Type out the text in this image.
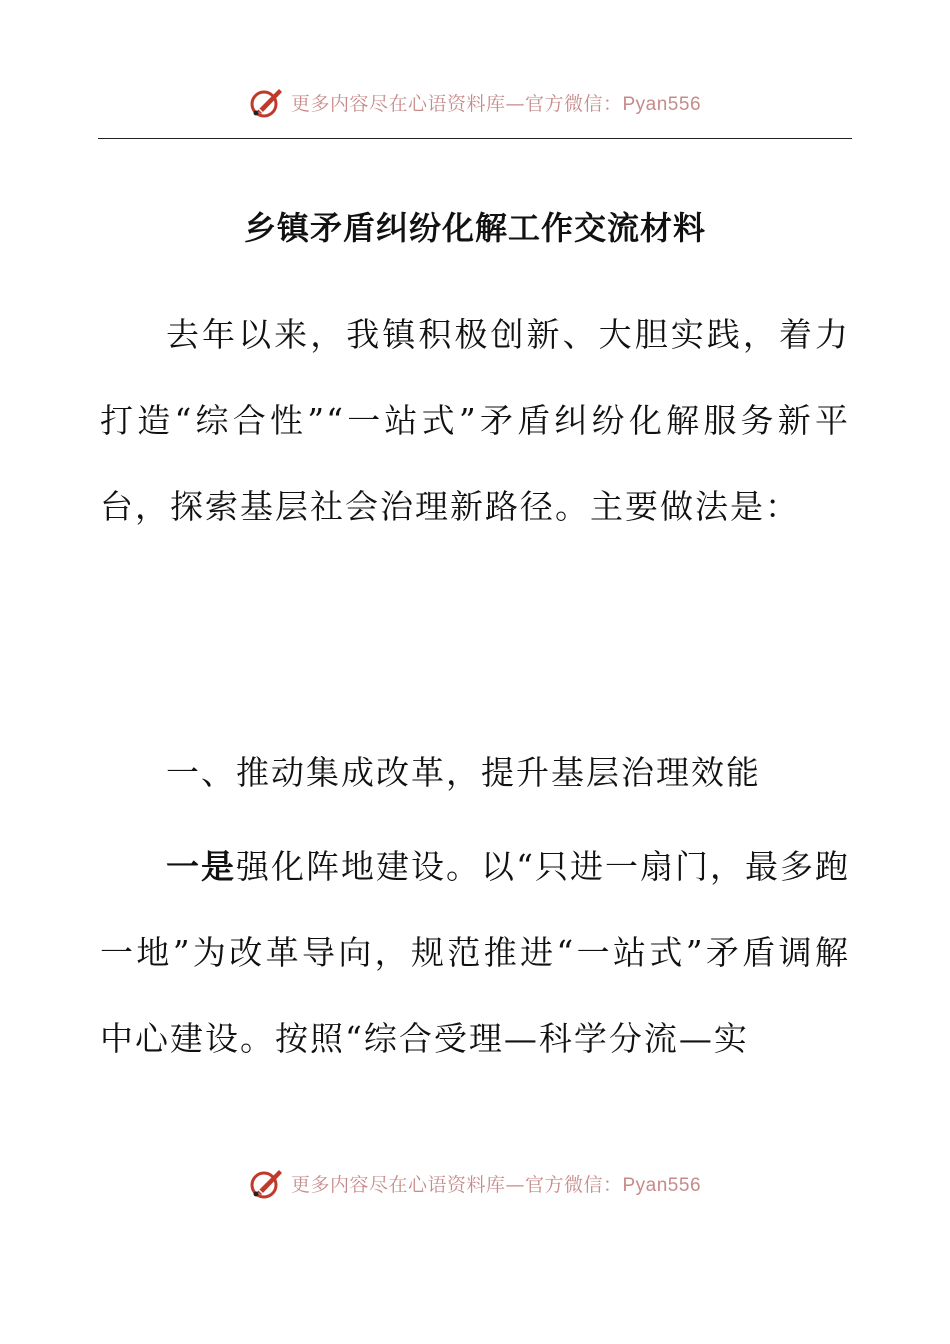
更多内容尽在心语资料库—官方微信：Pyan556
乡镇矛盾纠纷化解工作交流材料

去年以来，我镇积极创新、大胆实践，着力打造“综合性”“一站式”矛盾纠纷化解服务新平台，探索基层社会治理新路径。主要做法是：

一、推动集成改革，提升基层治理效能

一是强化阵地建设。以“只进一扇门，最多跑一地”为改革导向，规范推进“一站式”矛盾调解中心建设。按照“综合受理—科学分流—实

更多内容尽在心语资料库—官方微信：Pyan556
